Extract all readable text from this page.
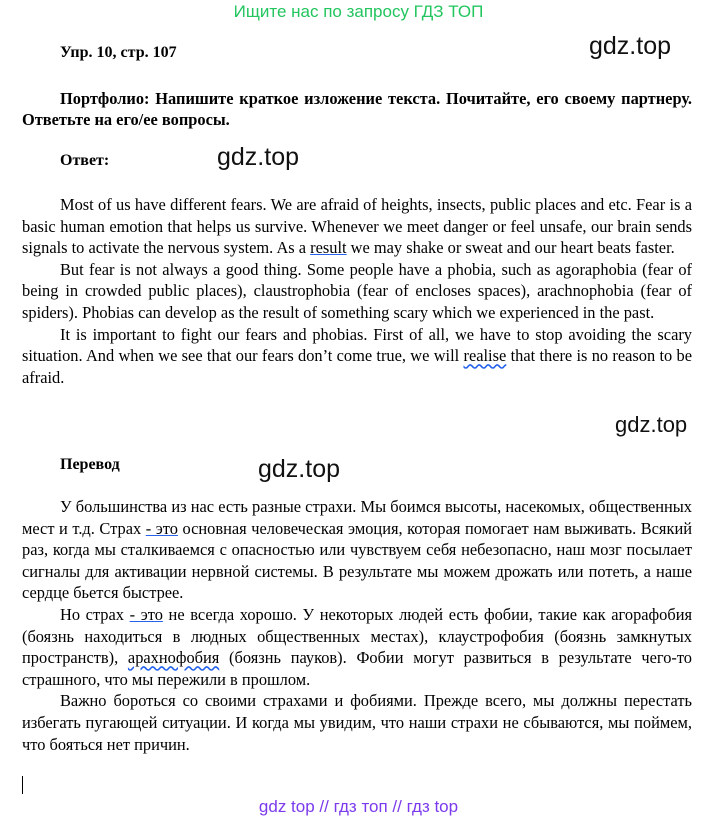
Ищите нас по запросу ГДЗ ТОП
Упр. 10, стр. 107	gdz.top
Портфолио: Напишите краткое изложение текста. Почитайте, его своему партнеру. Ответьте на его/ее вопросы.
Ответ:	gdz.top

Most of us have different fears. We are afraid of heights, insects, public places and etc. Fear is a basic human emotion that helps us survive. Whenever we meet danger or feel unsafe, our brain sends signals to activate the nervous system. As a result we may shake or sweat and our heart beats faster.

But fear is not always a good thing. Some people have a phobia, such as agoraphobia (fear of being in crowded public places), claustrophobia (fear of encloses spaces), arachnophobia (fear of spiders). Phobias can develop as the result of something scary which we experienced in the past.

It is important to fight our fears and phobias. First of all, we have to stop avoiding the scary situation. And when we see that our fears don’t come true, we will realise that there is no reason to be afraid.

gdz.top
Перевод	gdz.top

У большинства из нас есть разные страхи. Мы боимся высоты, насекомых, общественных мест и т.д. Страх - это основная человеческая эмоция, которая помогает нам выживать. Всякий раз, когда мы сталкиваемся с опасностью или чувствуем себя небезопасно, наш мозг посылает сигналы для активации нервной системы. В результате мы можем дрожать или потеть, а наше сердце бьется быстрее.

Но страх - это не всегда хорошо. У некоторых людей есть фобии, такие как агорафобия (боязнь находиться в людных общественных местах), клаустрофобия (боязнь замкнутых пространств), арахнофобия (боязнь пауков). Фобии могут развиться в результате чего-то страшного, что мы пережили в прошлом.

Важно бороться со своими страхами и фобиями. Прежде всего, мы должны перестать избегать пугающей ситуации. И когда мы увидим, что наши страхи не сбываются, мы поймем, что бояться нет причин.

gdz top // гдз топ // гдз top
